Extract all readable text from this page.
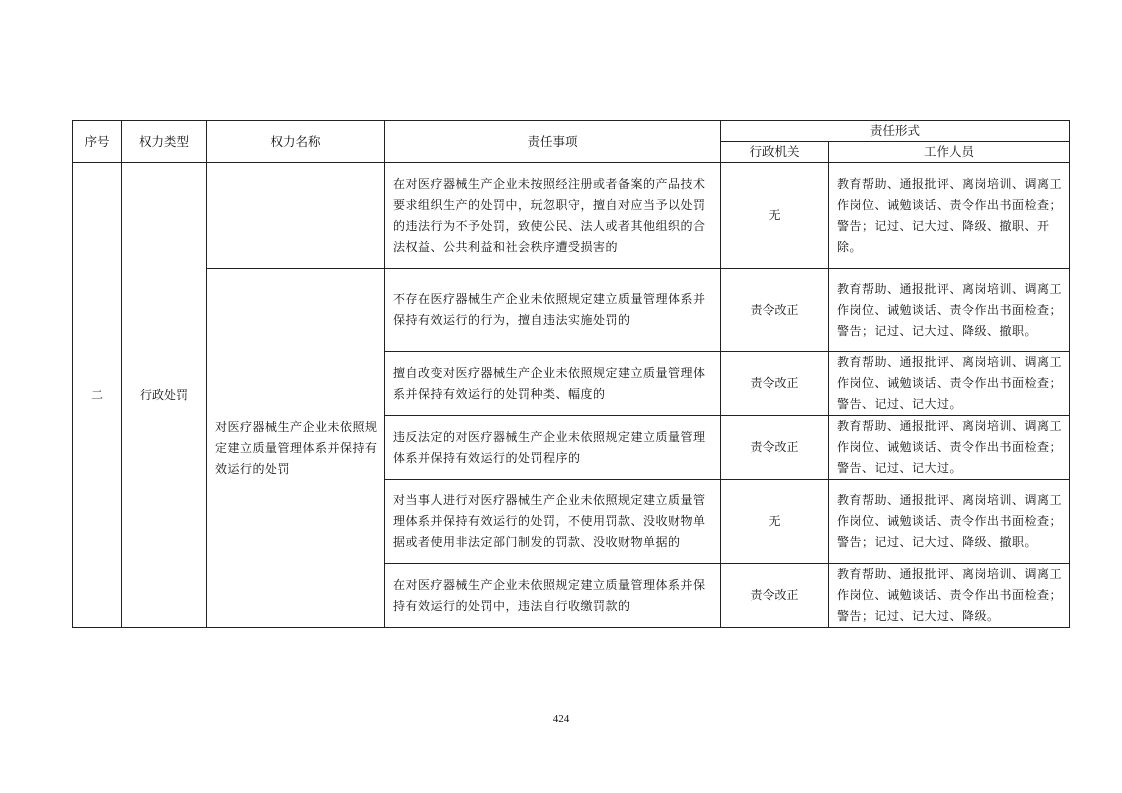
序号	权力类型	权力名称	责任事项	责任形式	
				行政机关	工作人员
二	行政处罚		在对医疗器械生产企业未按照经注册或者备案的产品技术要求组织生产的处罚中，玩忽职守，擅自对应当予以处罚的违法行为不予处罚，致使公民、法人或者其他组织的合法权益、公共利益和社会秩序遭受损害的	无	教育帮助、通报批评、离岗培训、调离工作岗位、诫勉谈话、责令作出书面检查；警告；记过、记大过、降级、撤职、开除。
		对医疗器械生产企业未依照规定建立质量管理体系并保持有效运行的处罚	不存在医疗器械生产企业未依照规定建立质量管理体系并保持有效运行的行为，擅自违法实施处罚的	责令改正	教育帮助、通报批评、离岗培训、调离工作岗位、诫勉谈话、责令作出书面检查；警告；记过、记大过、降级、撤职。
			擅自改变对医疗器械生产企业未依照规定建立质量管理体系并保持有效运行的处罚种类、幅度的	责令改正	教育帮助、通报批评、离岗培训、调离工作岗位、诫勉谈话、责令作出书面检查；警告、记过、记大过。
			违反法定的对医疗器械生产企业未依照规定建立质量管理体系并保持有效运行的处罚程序的	责令改正	教育帮助、通报批评、离岗培训、调离工作岗位、诫勉谈话、责令作出书面检查；警告、记过、记大过。
			对当事人进行对医疗器械生产企业未依照规定建立质量管理体系并保持有效运行的处罚，不使用罚款、没收财物单据或者使用非法定部门制发的罚款、没收财物单据的	无	教育帮助、通报批评、离岗培训、调离工作岗位、诫勉谈话、责令作出书面检查；警告；记过、记大过、降级、撤职。
			在对医疗器械生产企业未依照规定建立质量管理体系并保持有效运行的处罚中，违法自行收缴罚款的	责令改正	教育帮助、通报批评、离岗培训、调离工作岗位、诫勉谈话、责令作出书面检查；警告；记过、记大过、降级。
424
